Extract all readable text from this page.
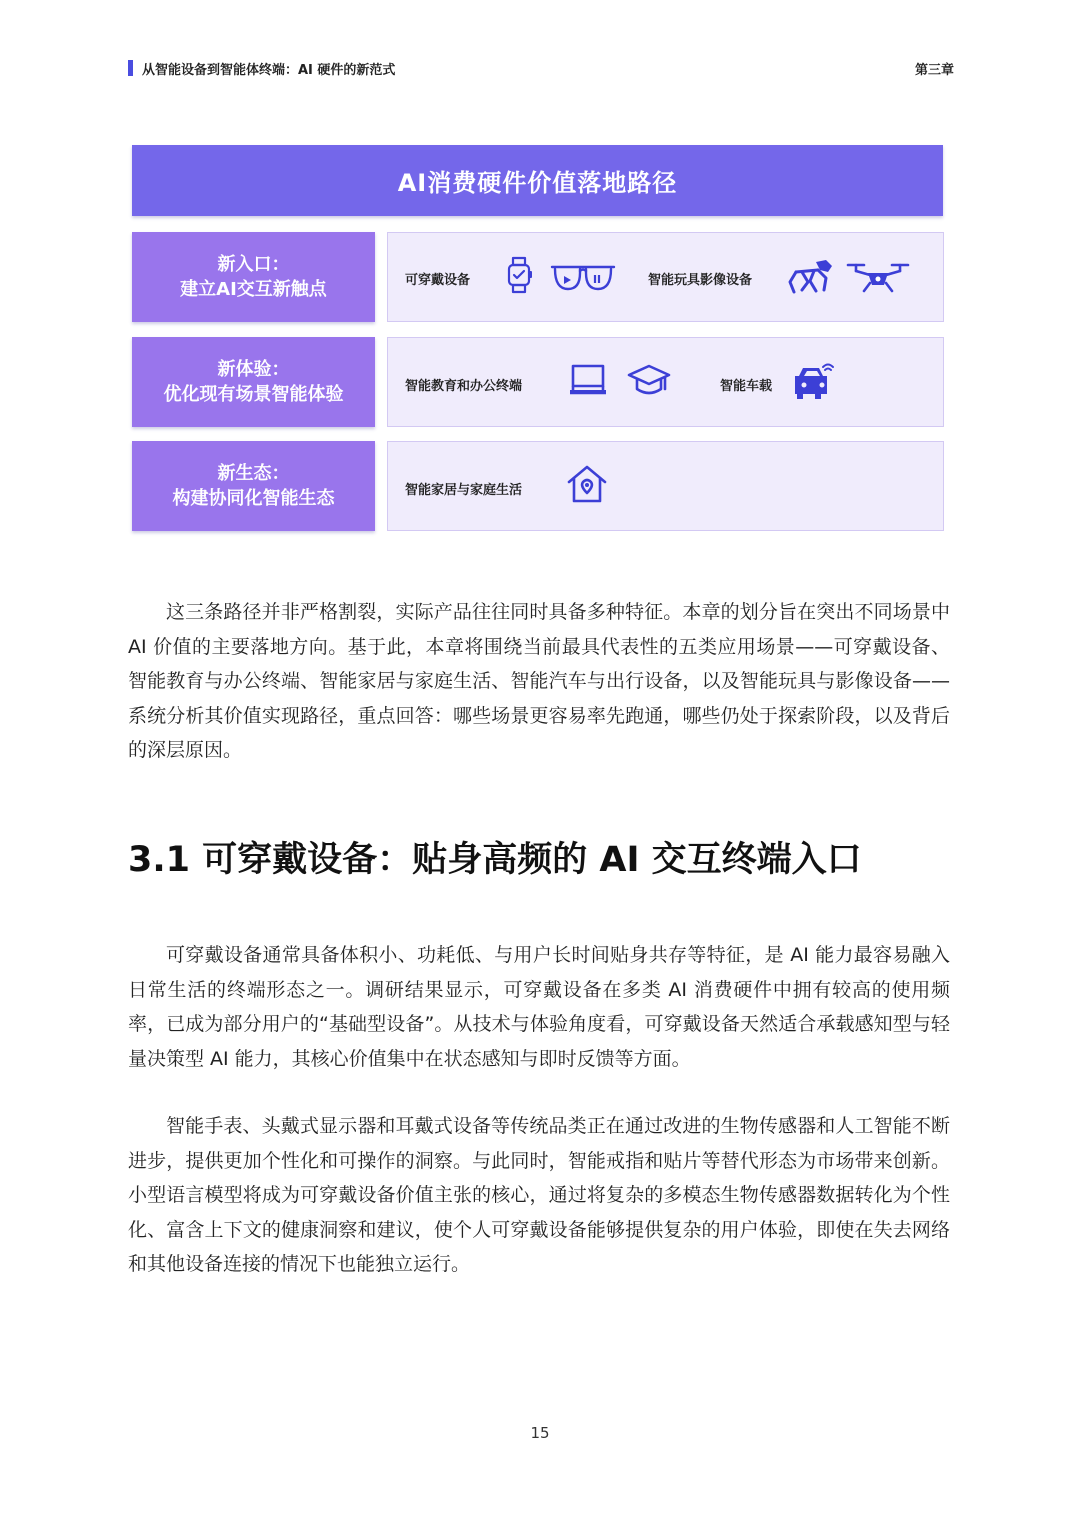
从智能设备到智能体终端：AI 硬件的新范式	第三章
AI消费硬件价值落地路径
新入口：
建立AI交互新触点	可穿戴设备	智能玩具影像设备
新体验：
优化现有场景智能体验	智能教育和办公终端	智能车载
新生态：
构建协同化智能生态	智能家居与家庭生活

这三条路径并非严格割裂，实际产品往往同时具备多种特征。本章的划分旨在突出不同场景中 AI 价值的主要落地方向。基于此，本章将围绕当前最具代表性的五类应用场景——可穿戴设备、智能教育与办公终端、智能家居与家庭生活、智能汽车与出行设备，以及智能玩具与影像设备——系统分析其价值实现路径，重点回答：哪些场景更容易率先跑通，哪些仍处于探索阶段，以及背后的深层原因。

3.1 可穿戴设备：贴身高频的 AI 交互终端入口

可穿戴设备通常具备体积小、功耗低、与用户长时间贴身共存等特征，是 AI 能力最容易融入日常生活的终端形态之一。调研结果显示，可穿戴设备在多类 AI 消费硬件中拥有较高的使用频率，已成为部分用户的“基础型设备”。从技术与体验角度看，可穿戴设备天然适合承载感知型与轻量决策型 AI 能力，其核心价值集中在状态感知与即时反馈等方面。

智能手表、头戴式显示器和耳戴式设备等传统品类正在通过改进的生物传感器和人工智能不断进步，提供更加个性化和可操作的洞察。与此同时，智能戒指和贴片等替代形态为市场带来创新。小型语言模型将成为可穿戴设备价值主张的核心，通过将复杂的多模态生物传感器数据转化为个性化、富含上下文的健康洞察和建议，使个人可穿戴设备能够提供复杂的用户体验，即使在失去网络和其他设备连接的情况下也能独立运行。

15
